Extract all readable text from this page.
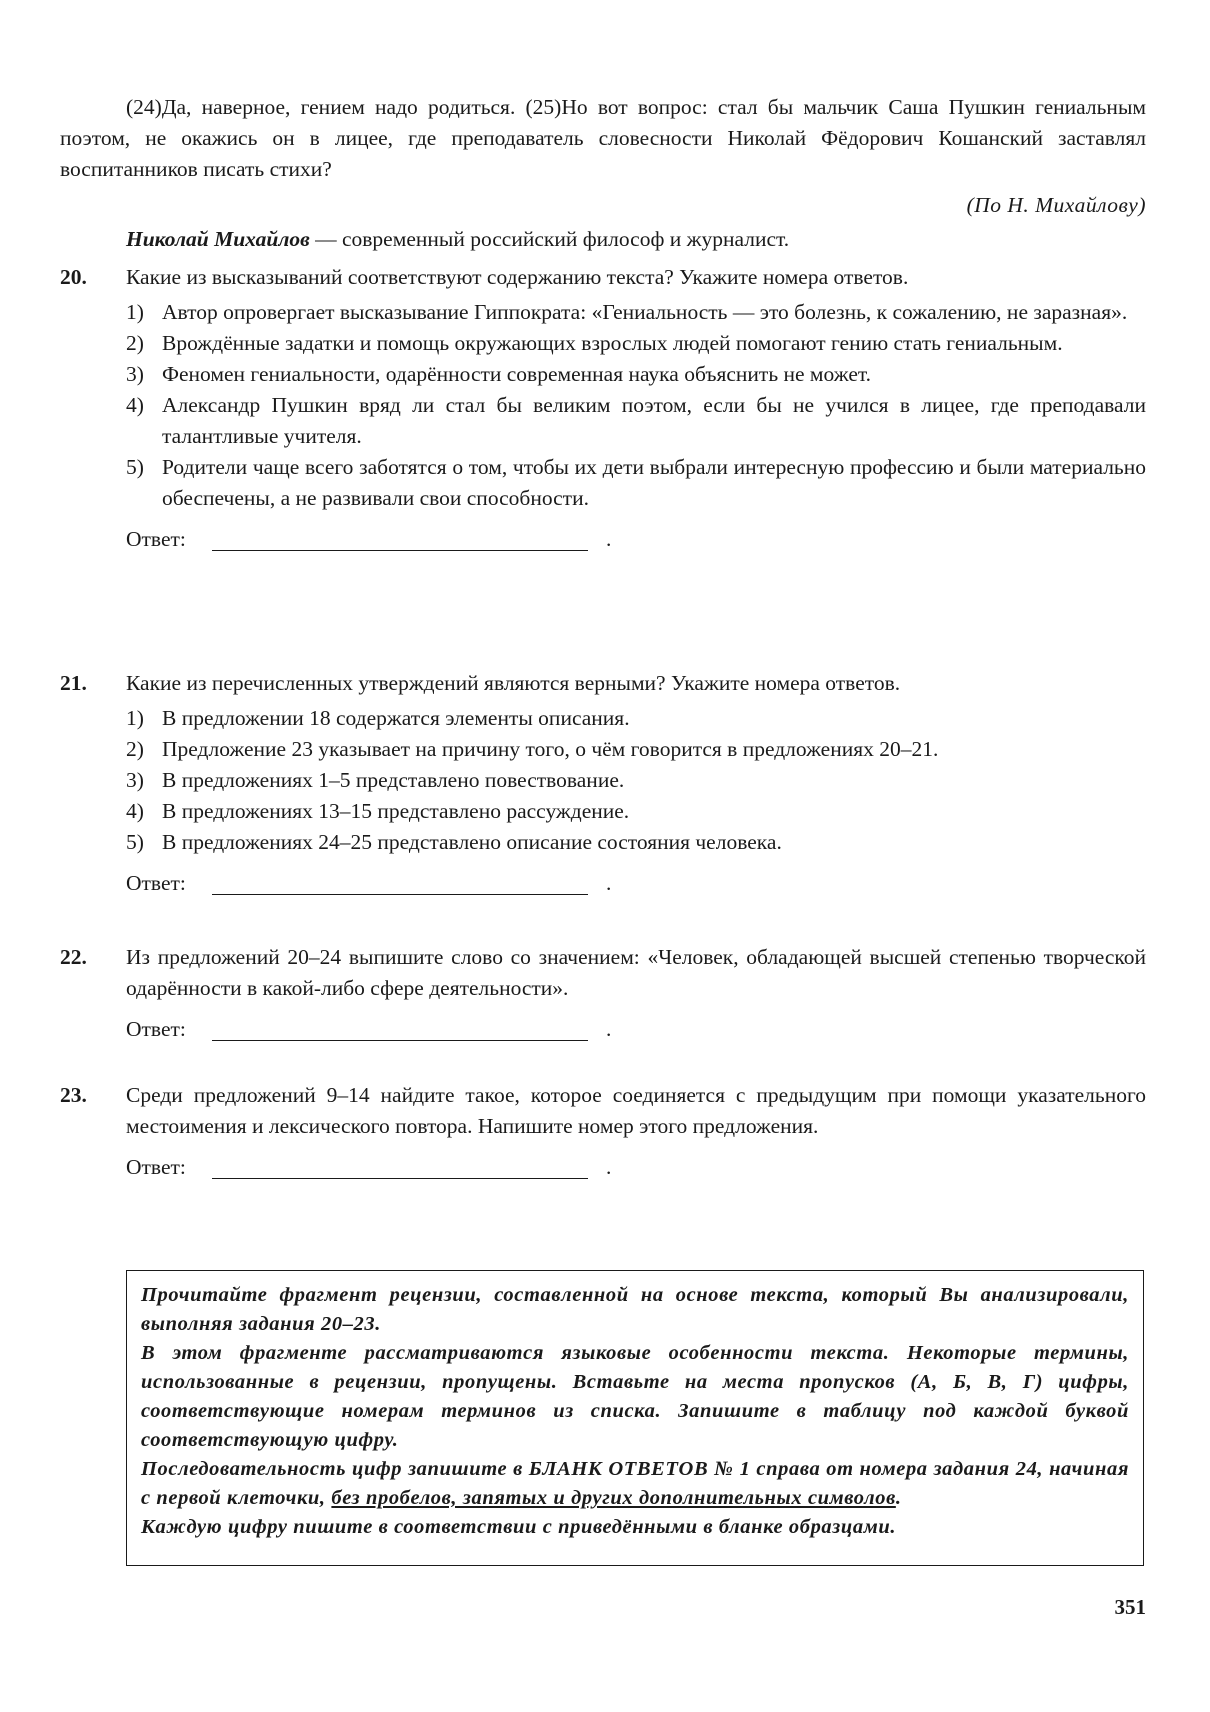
(24)Да, наверное, гением надо родиться. (25)Но вот вопрос: стал бы мальчик Саша Пушкин гениальным поэтом, не окажись он в лицее, где преподаватель словесности Николай Фёдорович Кошанский заставлял воспитанников писать стихи?

(По Н. Михайлову)
Николай Михайлов — современный российский философ и журналист.
20. Какие из высказываний соответствуют содержанию текста? Укажите номера ответов.

1) Автор опровергает высказывание Гиппократа: «Гениальность — это болезнь, к сожалению, не заразная».
2) Врождённые задатки и помощь окружающих взрослых людей помогают гению стать гениальным.
3) Феномен гениальности, одарённости современная наука объяснить не может.
4) Александр Пушкин вряд ли стал бы великим поэтом, если бы не учился в лицее, где преподавали талантливые учителя.
5) Родители чаще всего заботятся о том, чтобы их дети выбрали интересную профессию и были материально обеспечены, а не развивали свои способности.
Ответ:	.
21. Какие из перечисленных утверждений являются верными? Укажите номера ответов.

1) В предложении 18 содержатся элементы описания.
2) Предложение 23 указывает на причину того, о чём говорится в предложениях 20–21.
3) В предложениях 1–5 представлено повествование.
4) В предложениях 13–15 представлено рассуждение.
5) В предложениях 24–25 представлено описание состояния человека.
Ответ:	.
22. Из предложений 20–24 выпишите слово со значением: «Человек, обладающей высшей степенью творческой одарённости в какой-либо сфере деятельности».

Ответ:	.
23. Среди предложений 9–14 найдите такое, которое соединяется с предыдущим при помощи указательного местоимения и лексического повтора. Напишите номер этого предложения.

Ответ:	.

Прочитайте фрагмент рецензии, составленной на основе текста, который Вы анализировали, выполняя задания 20–23.

В этом фрагменте рассматриваются языковые особенности текста. Некоторые термины, использованные в рецензии, пропущены. Вставьте на места пропусков (А, Б, В, Г) цифры, соответствующие номерам терминов из списка. Запишите в таблицу под каждой буквой соответствующую цифру.

Последовательность цифр запишите в БЛАНК ОТВЕТОВ № 1 справа от номера задания 24, начиная с первой клеточки, без пробелов, запятых и других дополнительных символов.

Каждую цифру пишите в соответствии с приведёнными в бланке образцами.

351
